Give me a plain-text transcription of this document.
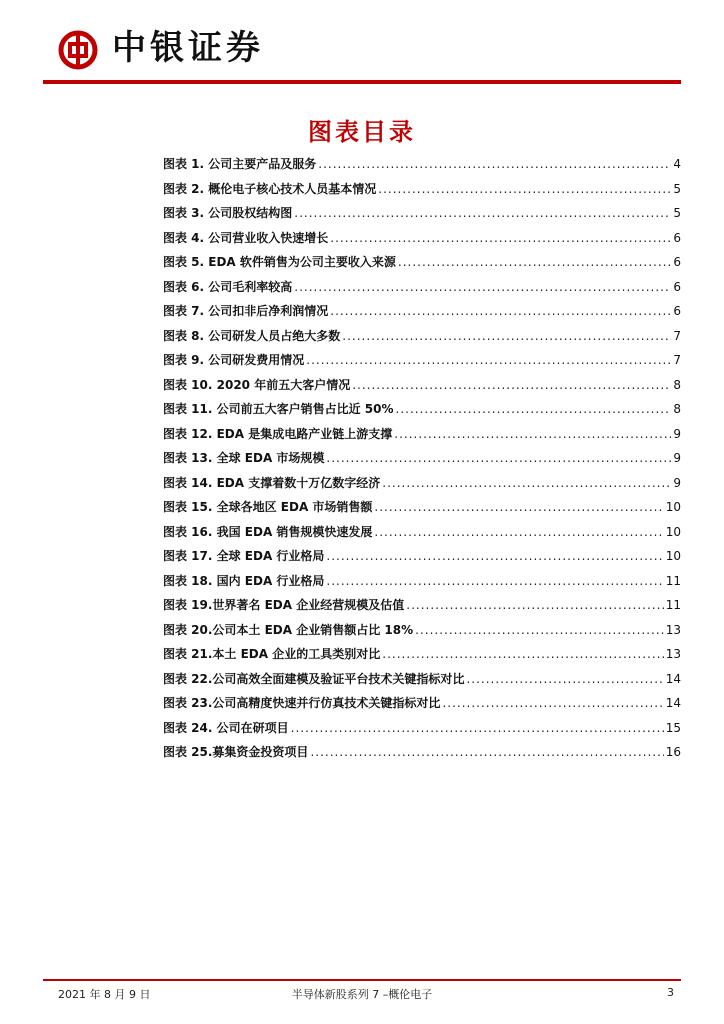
中银证券
图表目录
图表 1. 公司主要产品及服务 .....	4
图表 2. 概伦电子核心技术人员基本情况 .....	5
图表 3. 公司股权结构图 .....	5
图表 4. 公司营业收入快速增长 .....	6
图表 5. EDA 软件销售为公司主要收入来源 .....	6
图表 6. 公司毛利率较高 .....	6
图表 7. 公司扣非后净利润情况 .....	6
图表 8. 公司研发人员占绝大多数 .....	7
图表 9. 公司研发费用情况 .....	7
图表 10. 2020 年前五大客户情况 .....	8
图表 11. 公司前五大客户销售占比近 50% .....	8
图表 12. EDA 是集成电路产业链上游支撑 .....	9
图表 13. 全球 EDA 市场规模 .....	9
图表 14. EDA 支撑着数十万亿数字经济 .....	9
图表 15. 全球各地区 EDA 市场销售额 .....	10
图表 16. 我国 EDA 销售规模快速发展 .....	10
图表 17. 全球 EDA 行业格局 .....	10
图表 18. 国内 EDA 行业格局 .....	11
图表 19.世界著名 EDA 企业经营规模及估值 .....	11
图表 20.公司本土 EDA 企业销售额占比 18% .....	13
图表 21.本土 EDA 企业的工具类别对比 .....	13
图表 22.公司高效全面建模及验证平台技术关键指标对比 .....	14
图表 23.公司高精度快速并行仿真技术关键指标对比 .....	14
图表 24. 公司在研项目 .....	15
图表 25.募集资金投资项目 .....	16
2021 年 8 月 9 日	半导体新股系列 7 –概伦电子	3
